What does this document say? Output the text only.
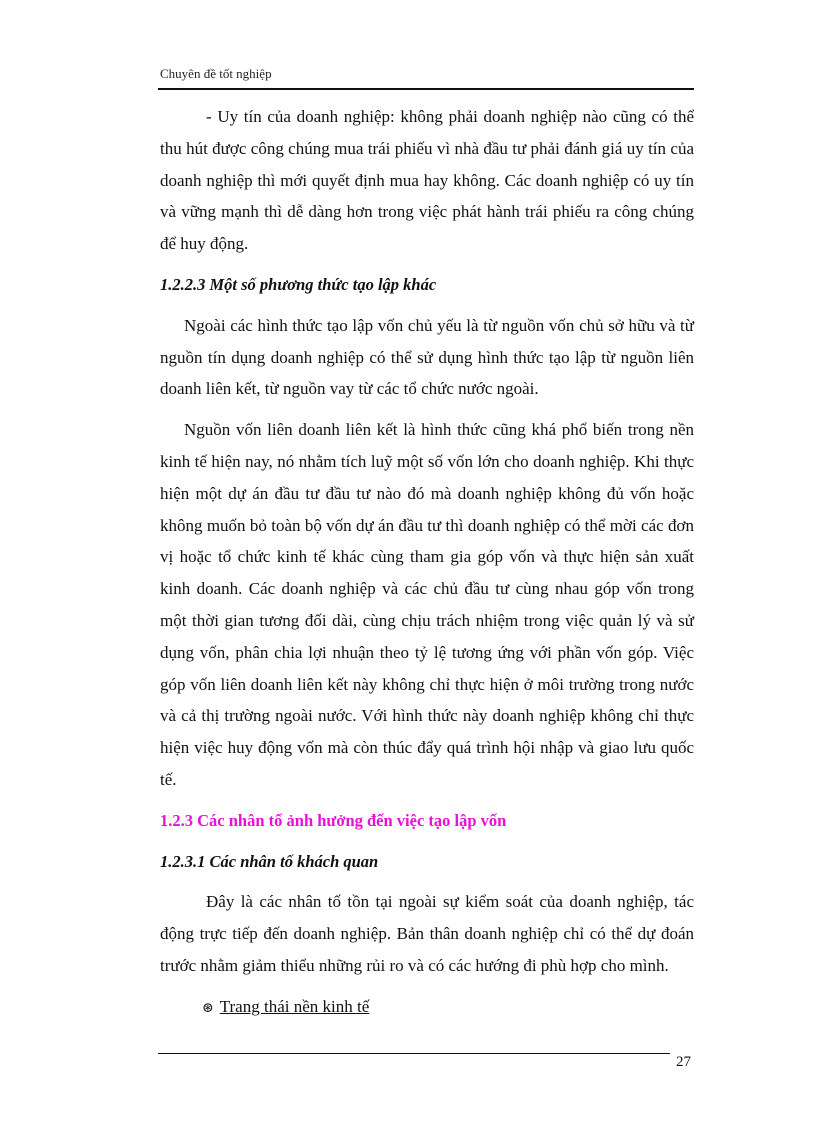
Chuyên đề tốt nghiệp

- Uy tín của doanh nghiệp: không phải doanh nghiệp nào cũng có thể thu hút được công chúng mua trái phiếu vì nhà đầu tư phải đánh giá uy tín của doanh nghiệp thì mới quyết định mua hay không. Các doanh nghiệp có uy tín và vững mạnh thì dễ dàng hơn trong việc phát hành trái phiếu ra công chúng để huy động.

1.2.2.3 Một số phương thức tạo lập khác

Ngoài các hình thức tạo lập vốn chủ yếu là từ nguồn vốn chủ sở hữu và từ nguồn tín dụng doanh nghiệp có thể sử dụng hình thức tạo lập từ nguồn liên doanh liên kết, từ nguồn vay từ các tổ chức nước ngoài.

Nguồn vốn liên doanh liên kết là hình thức cũng khá phổ biến trong nền kinh tế hiện nay, nó nhằm tích luỹ một số vốn lớn cho doanh nghiệp. Khi thực hiện một dự án đầu tư đầu tư nào đó mà doanh nghiệp không đủ vốn hoặc không muốn bỏ toàn bộ vốn dự án đầu tư thì doanh nghiệp có thể mời các đơn vị hoặc tổ chức kinh tế khác cùng tham gia góp vốn và thực hiện sản xuất kinh doanh. Các doanh nghiệp và các chủ đầu tư cùng nhau góp vốn trong một thời gian tương đối dài, cùng chịu trách nhiệm trong việc quản lý và sử dụng vốn, phân chia lợi nhuận theo tỷ lệ tương ứng với phần vốn góp. Việc góp vốn liên doanh liên kết này không chỉ thực hiện ở môi trường trong nước và cả thị trường ngoài nước. Với hình thức này doanh nghiệp không chỉ thực hiện việc huy động vốn mà còn thúc đẩy quá trình hội nhập và giao lưu quốc tế.

1.2.3 Các nhân tố ảnh hưởng đến việc tạo lập vốn
1.2.3.1 Các nhân tố khách quan

Đây là các nhân tố tồn tại ngoài sự kiểm soát của doanh nghiệp, tác động trực tiếp đến doanh nghiệp. Bản thân doanh nghiệp chỉ có thể dự đoán trước nhằm giảm thiểu những rủi ro và có các hướng đi phù hợp cho mình.

⊛ Trang thái nền kinh tế
27
